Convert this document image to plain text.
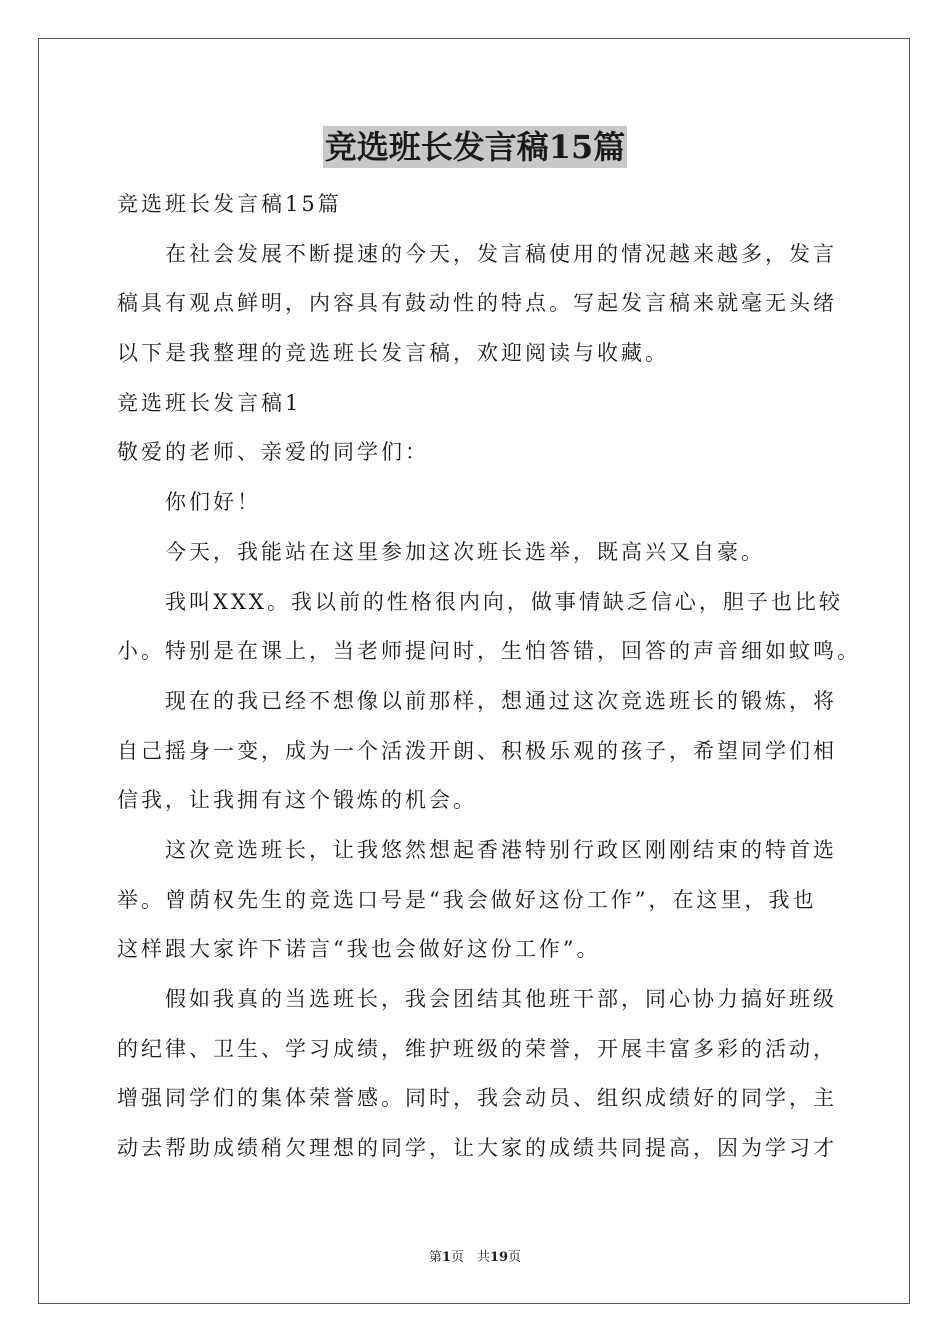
竞选班长发言稿15篇
竞选班长发言稿15篇
在社会发展不断提速的今天，发言稿使用的情况越来越多，发言
稿具有观点鲜明，内容具有鼓动性的特点。写起发言稿来就毫无头绪
以下是我整理的竞选班长发言稿，欢迎阅读与收藏。
竞选班长发言稿1
敬爱的老师、亲爱的同学们：
你们好！
今天，我能站在这里参加这次班长选举，既高兴又自豪。
我叫XXX。我以前的性格很内向，做事情缺乏信心，胆子也比较
小。特别是在课上，当老师提问时，生怕答错，回答的声音细如蚊鸣。
现在的我已经不想像以前那样，想通过这次竞选班长的锻炼，将
自己摇身一变，成为一个活泼开朗、积极乐观的孩子，希望同学们相
信我，让我拥有这个锻炼的机会。
这次竞选班长，让我悠然想起香港特别行政区刚刚结束的特首选
举。曾荫权先生的竞选口号是“我会做好这份工作”，在这里，我也
这样跟大家许下诺言“我也会做好这份工作”。
假如我真的当选班长，我会团结其他班干部，同心协力搞好班级
的纪律、卫生、学习成绩，维护班级的荣誉，开展丰富多彩的活动，
增强同学们的集体荣誉感。同时，我会动员、组织成绩好的同学，主
动去帮助成绩稍欠理想的同学，让大家的成绩共同提高，因为学习才
第1页　共19页
